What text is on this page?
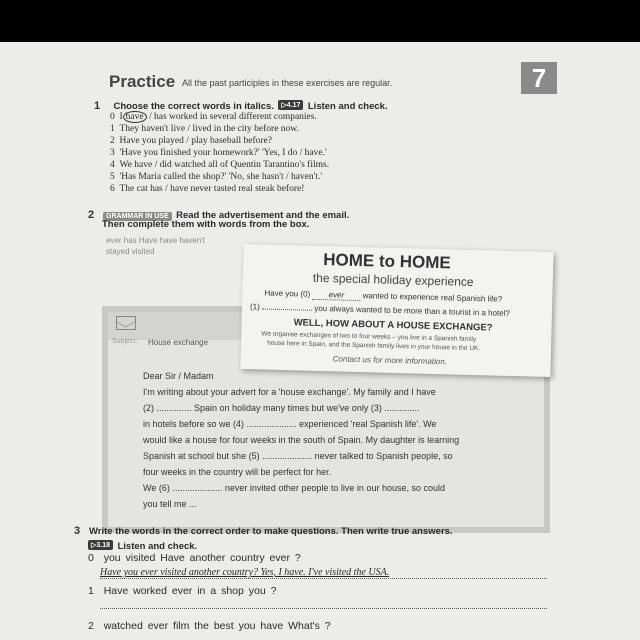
7
Practice All the past participles in these exercises are regular.
1 Choose the correct words in italics. ▷4.17 Listen and check.
0 I have / has worked in several different companies.
1 They haven't live / lived in the city before now.
2 Have you played / play baseball before?
3 'Have you finished your homework?' 'Yes, I do / have.'
4 We have / did watched all of Quentin Tarantino's films.
5 'Has Maria called the shop?' 'No, she hasn't / haven't.'
6 The cat has / have never tasted real steak before!
2 GRAMMAR IN USE Read the advertisement and the email.
Then complete them with words from the box.
ever has Have have haven't stayed visited
Subject: House exchange
HOME to HOME
the special holiday experience
Have you (0) ever wanted to experience real Spanish life?
(1)	you always wanted to be more than a tourist in a hotel?
WELL, HOW ABOUT A HOUSE EXCHANGE?
We organise exchanges of two to four weeks – you live in a Spanish family
house here in Spain, and the Spanish family lives in your house in the UK.
Contact us for more information.
Dear Sir / Madam
I'm writing about your advert for a 'house exchange'. My family and I have
(2) .............. Spain on holiday many times but we've only (3) ..............
in hotels before so we (4) .................... experienced 'real Spanish life'. We
would like a house for four weeks in the south of Spain. My daughter is learning
Spanish at school but she (5) .................... never talked to Spanish people, so
four weeks in the country will be perfect for her.
We (6) .................... never invited other people to live in our house, so could
you tell me ...
3 Write the words in the correct order to make questions. Then write true answers.
▷3.18 Listen and check.
0 you visited Have another country ever ?
Have you ever visited another country? Yes, I have. I've visited the USA.
1 Have worked ever in a shop you ?
2 watched ever film the best you have What's ?
